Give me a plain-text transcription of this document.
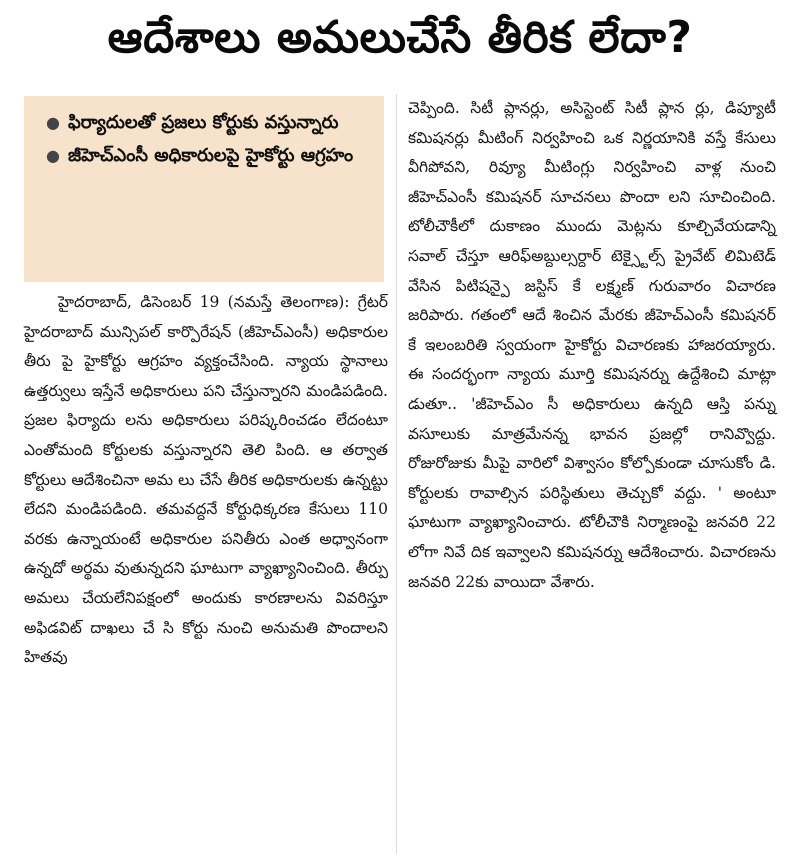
ఆదేశాలు అమలుచేసే తీరిక లేదా?
● ఫిర్యాదులతో ప్రజలు కోర్టుకు వస్తున్నారు
● జీహెచ్ఎంసీ అధికారులపై హైకోర్టు ఆగ్రహం

హైదరాబాద్, డిసెంబర్ 19 (నమస్తే తెలంగాణ): గ్రేటర్ హైదరాబాద్ మున్సిపల్ కార్పొరేషన్ (జీహెచ్ఎంసీ) అధికారుల తీరు పై హైకోర్టు ఆగ్రహం వ్యక్తంచేసింది. న్యాయ స్థానాలు ఉత్తర్వులు ఇస్తేనే అధికారులు పని చేస్తున్నారని మండిపడింది. ప్రజల ఫిర్యాదు లను అధికారులు పరిష్కరించడం లేదంటూ ఎంతోమంది కోర్టులకు వస్తున్నారని తెలి పింది. ఆ తర్వాత కోర్టులు ఆదేశించినా అమ లు చేసే తీరిక అధికారులకు ఉన్నట్టు లేదని మండిపడింది. తమవద్దనే కోర్టుధిక్కరణ కేసులు 110 వరకు ఉన్నాయంటే అధికారుల పనితీరు ఎంత అధ్వానంగా ఉన్నదో అర్థమ వుతున్నదని ఘాటుగా వ్యాఖ్యానించింది. తీర్పు అమలు చేయలేనిపక్షంలో అందుకు కారణాలను వివరిస్తూ అఫిడవిట్ దాఖలు చే సి కోర్టు నుంచి అనుమతి పొందాలని హితవు

చెప్పింది. సిటీ ప్లానర్లు, అసిస్టెంట్ సిటీ ప్లాన ర్లు, డిప్యూటీ కమిషనర్లు మీటింగ్ నిర్వహించి ఒక నిర్ణయానికి వస్తే కేసులు వీగిపోవని, రివ్యూ మీటింగ్లు నిర్వహించి వాళ్ల నుంచి జీహెచ్ఎంసీ కమిషనర్ సూచనలు పొందా లని సూచించింది. టోలీచౌకీలో దుకాణం ముందు మెట్లను కూల్చివేయడాన్ని సవాల్ చేస్తూ ఆరిఫ్అబ్దుల్సర్దార్ టెక్స్టైల్స్ ప్రైవేట్ లిమిటెడ్ వేసిన పిటిషన్పై జస్టిస్ కే లక్ష్మణ్ గురువారం విచారణ జరిపారు. గతంలో ఆదే శించిన మేరకు జీహెచ్ఎంసీ కమిషనర్ కే ఇలంబరితి స్వయంగా హైకోర్టు విచారణకు హాజరయ్యారు. ఈ సందర్భంగా న్యాయ మూర్తి కమిషనర్ను ఉద్దేశించి మాట్లా డుతూ.. 'జీహెచ్ఎం సీ అధికారులు ఉన్నది ఆస్తి పన్ను వసూలుకు మాత్రమేనన్న భావన ప్రజల్లో రానివ్వొద్దు. రోజురోజుకు మీపై వారిలో విశ్వాసం కోల్పోకుండా చూసుకోం డి. కోర్టులకు రావాల్సిన పరిస్థితులు తెచ్చుకో వద్దు. ' అంటూ ఘాటుగా వ్యాఖ్యానించారు. టోలీచౌకి నిర్మాణంపై జనవరి 22 లోగా నివే దిక ఇవ్వాలని కమిషనర్ను ఆదేశించారు. విచారణను జనవరి 22కు వాయిదా వేశారు.
